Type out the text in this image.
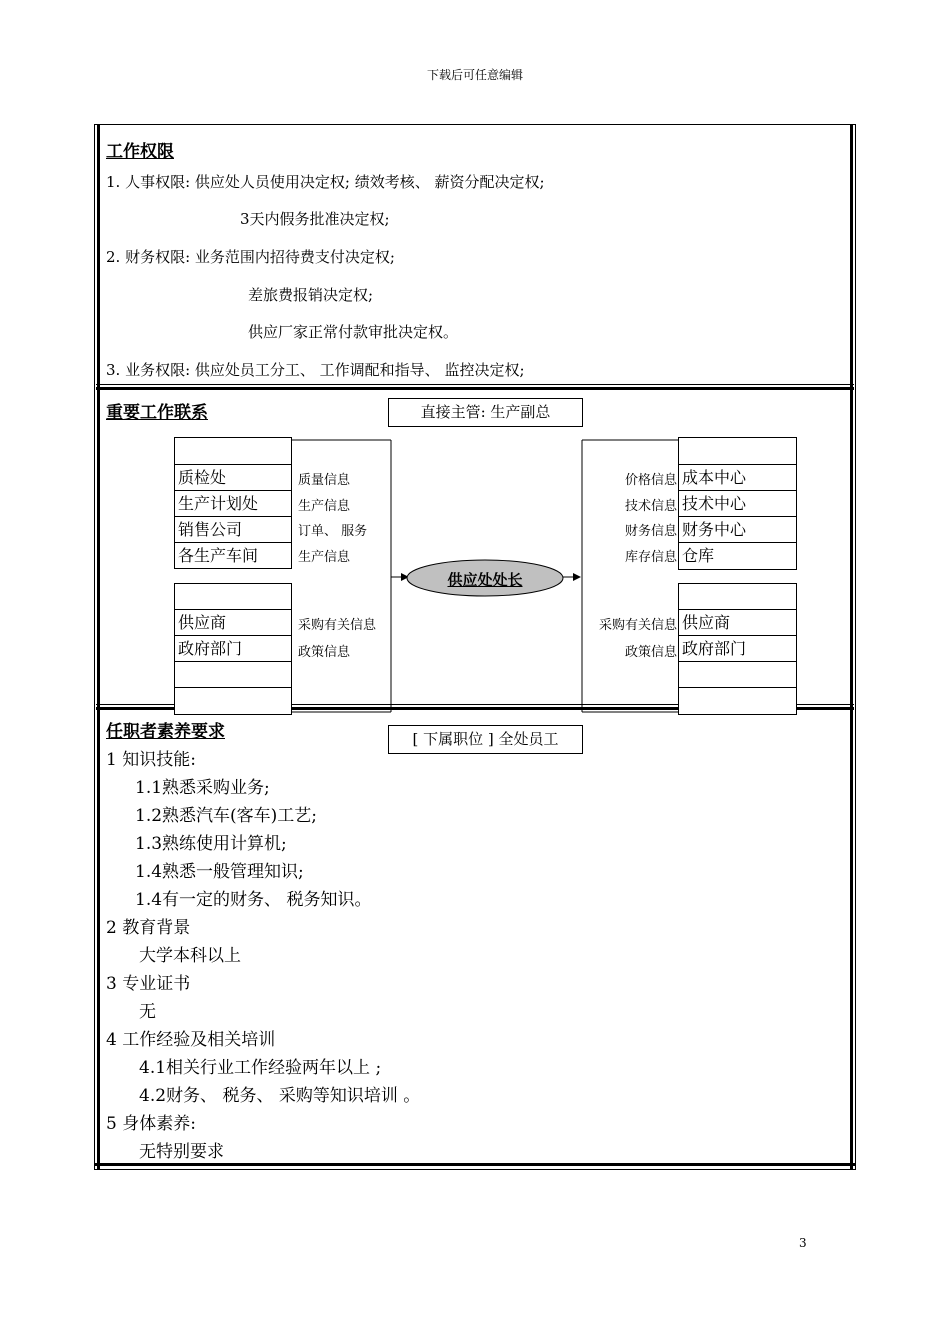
下载后可任意编辑
3
工作权限
1. 人事权限: 供应处人员使用决定权; 绩效考核、 薪资分配决定权;
3天内假务批准决定权;
2. 财务权限: 业务范围内招待费支付决定权;
差旅费报销决定权;
供应厂家正常付款审批决定权。
3. 业务权限: 供应处员工分工、 工作调配和指导、 监控决定权;
重要工作联系	直接主管: 生产副总
供应处处长
质检处
生产计划处
销售公司
各生产车间
质量信息
生产信息
订单、 服务
生产信息
供应商
政府部门
采购有关信息
政策信息
成本中心
技术中心
财务中心
仓库
价格信息
技术信息
财务信息
库存信息
供应商
政府部门
采购有关信息
政策信息
任职者素养要求	[ 下属职位 ] 全处员工
1 知识技能:
1.1熟悉采购业务;
1.2熟悉汽车(客车)工艺;
1.3熟练使用计算机;
1.4熟悉一般管理知识;
1.4有一定的财务、 税务知识。
2 教育背景
大学本科以上
3 专业证书
无
4 工作经验及相关培训
4.1相关行业工作经验两年以上 ;
4.2财务、 税务、 采购等知识培训 。
5 身体素养:
无特别要求
